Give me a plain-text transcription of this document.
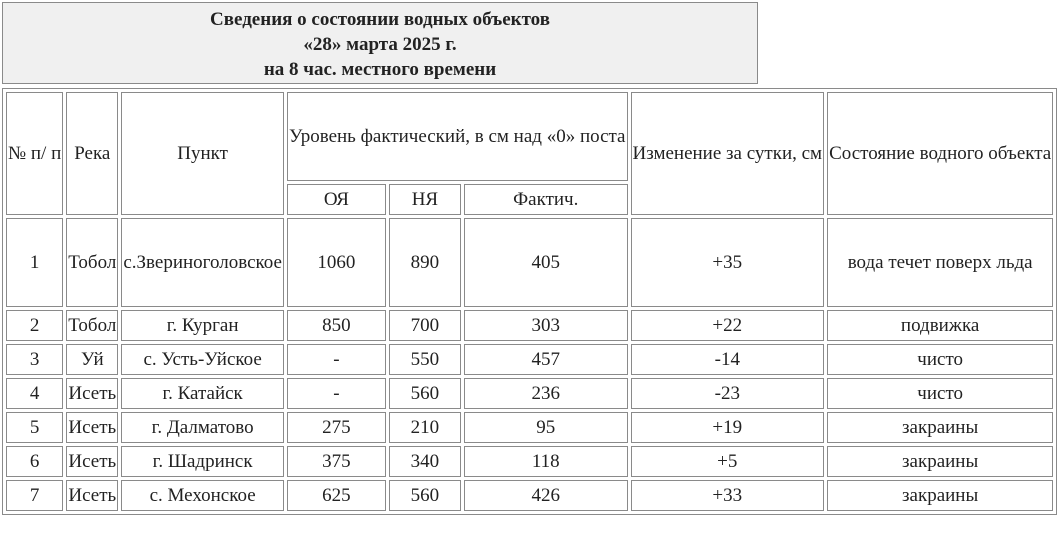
Сведения о состоянии водных объектов
«28» марта 2025 г.
на 8 час. местного времени
№ п/ п	Река	Пункт	Уровень фактический, в см над «0» поста			Изменение за сутки, см	Состояние водного объекта
			ОЯ	НЯ	Фактич.		
1	Тобол	с.Звериноголовское	1060	890	405	+35	вода течет поверх льда
2	Тобол	г. Курган	850	700	303	+22	подвижка
3	Уй	с. Усть-Уйское	-	550	457	-14	чисто
4	Исеть	г. Катайск	-	560	236	-23	чисто
5	Исеть	г. Далматово	275	210	95	+19	закраины
6	Исеть	г. Шадринск	375	340	118	+5	закраины
7	Исеть	с. Мехонское	625	560	426	+33	закраины
